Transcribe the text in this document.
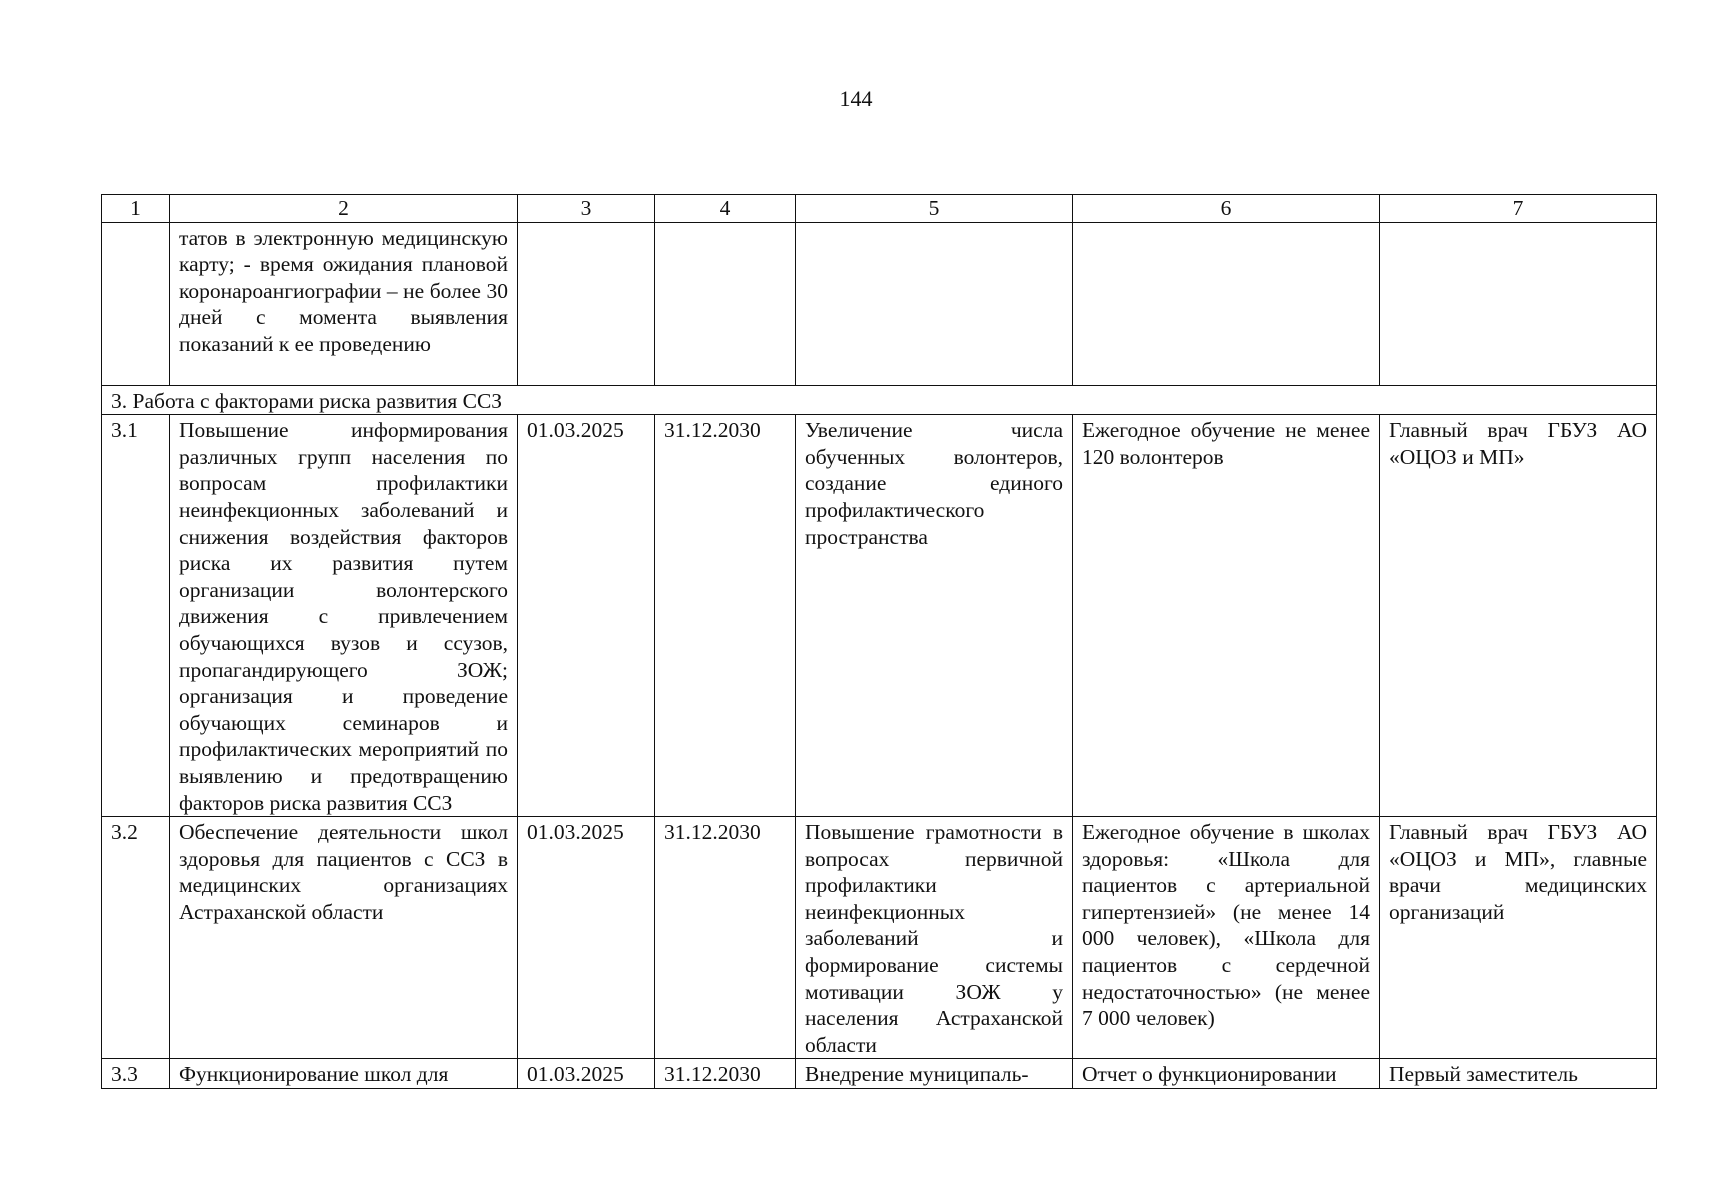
144
1	2	3	4	5	6	7
	татов в электронную медицинскую карту; - время ожидания плановой коронароангиографии – не более 30 дней с момента выявления показаний к ее проведению					
3. Работа с факторами риска развития ССЗ						
3.1	Повышение информирования различных групп населения по вопросам профилактики неинфекционных заболеваний и снижения воздействия факторов риска их развития путем организации волонтерского движения с привлечением обучающихся вузов и ссузов, пропагандирующего ЗОЖ; организация и проведение обучающих семинаров и профилактических мероприятий по выявлению и предотвращению факторов риска развития ССЗ	01.03.2025	31.12.2030	Увеличение числа обученных волонтеров, создание единого профилактического пространства	Ежегодное обучение не менее 120 волонтеров	Главный врач ГБУЗ АО «ОЦОЗ и МП»
3.2	Обеспечение деятельности школ здоровья для пациентов с ССЗ в медицинских организациях Астраханской области	01.03.2025	31.12.2030	Повышение грамотности в вопросах первичной профилактики неинфекционных заболеваний и формирование системы мотивации ЗОЖ у населения Астраханской области	Ежегодное обучение в школах здоровья: «Школа для пациентов с артериальной гипертензией» (не менее 14 000 человек), «Школа для пациентов с сердечной недостаточностью» (не менее 7 000 человек)	Главный врач ГБУЗ АО «ОЦОЗ и МП», главные врачи медицинских организаций
3.3	Функционирование школ для	01.03.2025	31.12.2030	Внедрение муниципаль-	Отчет о функционировании	Первый заместитель
